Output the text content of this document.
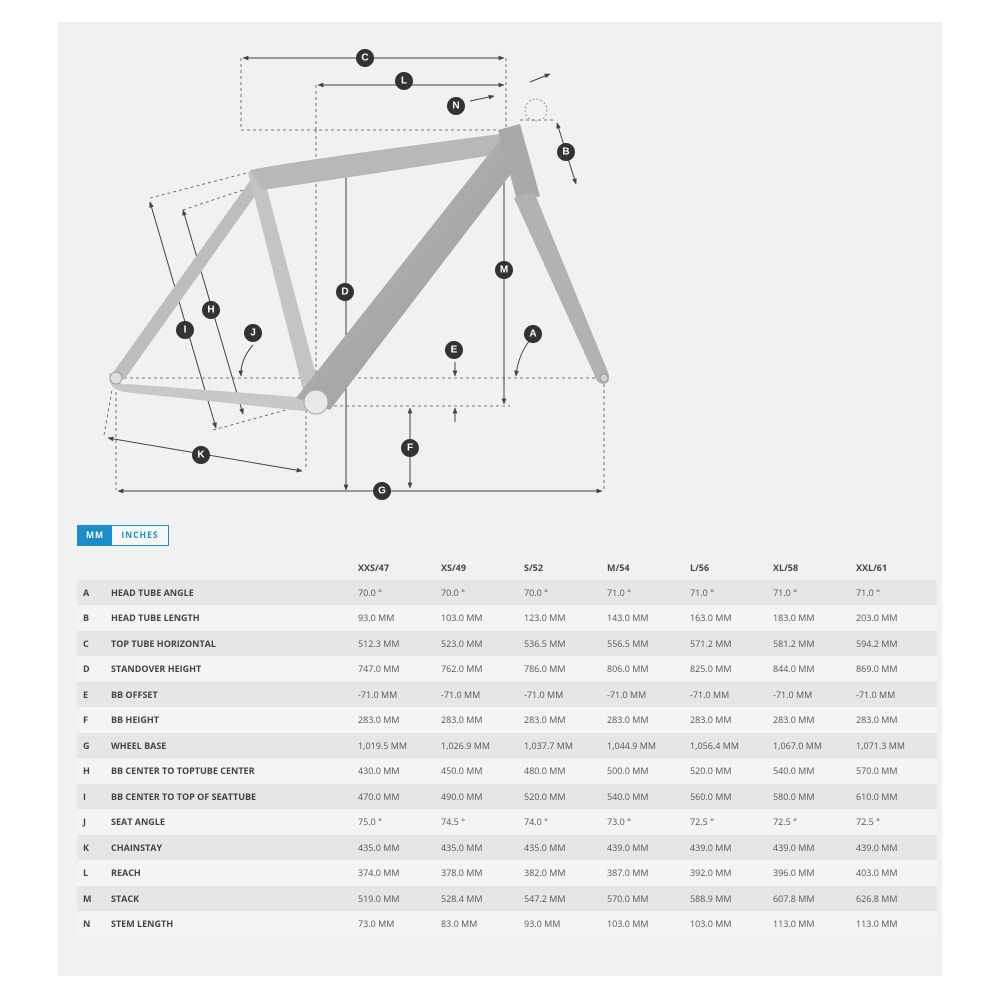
C
L
N
B
M
D
H
I	J	A
E
F
K
G
MM	INCHES
		XXS/47	XS/49	S/52	M/54	L/56	XL/58	XXL/61
A	HEAD TUBE ANGLE	70.0 °	70.0 °	70.0 °	71.0 °	71.0 °	71.0 °	71.0 °
B	HEAD TUBE LENGTH	93.0 MM	103.0 MM	123.0 MM	143.0 MM	163.0 MM	183.0 MM	203.0 MM
C	TOP TUBE HORIZONTAL	512.3 MM	523.0 MM	536.5 MM	556.5 MM	571.2 MM	581.2 MM	594.2 MM
D	STANDOVER HEIGHT	747.0 MM	762.0 MM	786.0 MM	806.0 MM	825.0 MM	844.0 MM	869.0 MM
E	BB OFFSET	-71.0 MM	-71.0 MM	-71.0 MM	-71.0 MM	-71.0 MM	-71.0 MM	-71.0 MM
F	BB HEIGHT	283.0 MM	283.0 MM	283.0 MM	283.0 MM	283.0 MM	283.0 MM	283.0 MM
G	WHEEL BASE	1,019.5 MM	1,026.9 MM	1,037.7 MM	1,044.9 MM	1,056.4 MM	1,067.0 MM	1,071.3 MM
H	BB CENTER TO TOPTUBE CENTER	430.0 MM	450.0 MM	480.0 MM	500.0 MM	520.0 MM	540.0 MM	570.0 MM
I	BB CENTER TO TOP OF SEATTUBE	470.0 MM	490.0 MM	520.0 MM	540.0 MM	560.0 MM	580.0 MM	610.0 MM
J	SEAT ANGLE	75.0 °	74.5 °	74.0 °	73.0 °	72.5 °	72.5 °	72.5 °
K	CHAINSTAY	435.0 MM	435.0 MM	435.0 MM	439.0 MM	439.0 MM	439.0 MM	439.0 MM
L	REACH	374.0 MM	378.0 MM	382.0 MM	387.0 MM	392.0 MM	396.0 MM	403.0 MM
M	STACK	519.0 MM	528.4 MM	547.2 MM	570.0 MM	588.9 MM	607.8 MM	626.8 MM
N	STEM LENGTH	73.0 MM	83.0 MM	93.0 MM	103.0 MM	103.0 MM	113.0 MM	113.0 MM
